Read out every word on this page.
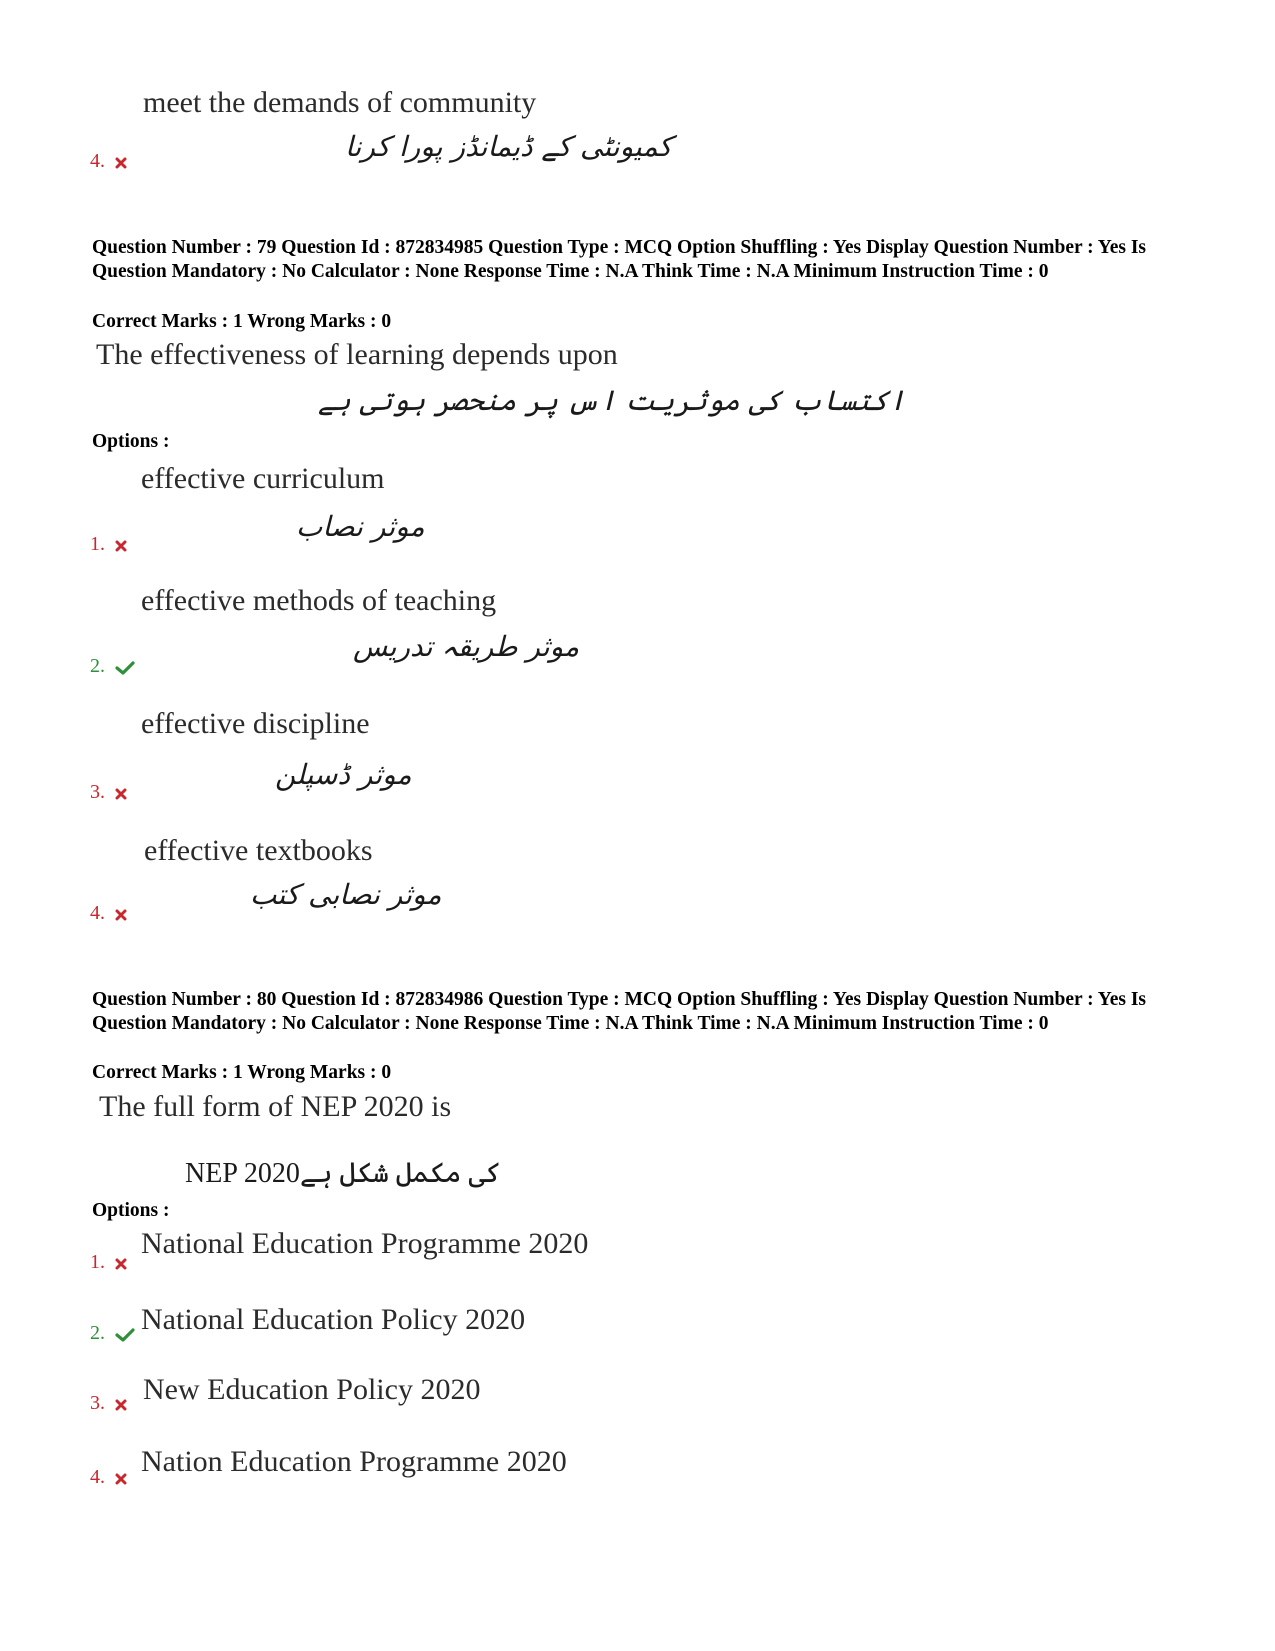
meet the demands of community
کمیونٹی کے ڈیمانڈز پورا کرنا
4.
Question Number : 79 Question Id : 872834985 Question Type : MCQ Option Shuffling : Yes Display Question Number : Yes Is Question Mandatory : No Calculator : None Response Time : N.A Think Time : N.A Minimum Instruction Time : 0
Correct Marks : 1 Wrong Marks : 0
The effectiveness of learning depends upon
اکتساب کی موثریت اس پر منحصر ہوتی ہے
Options :
effective curriculum
موثر نصاب
1.
effective methods of teaching
موثر طریقہ تدریس
2.
effective discipline
موثر ڈسپلن
3.
effective textbooks
موثر نصابی کتب
4.
Question Number : 80 Question Id : 872834986 Question Type : MCQ Option Shuffling : Yes Display Question Number : Yes Is Question Mandatory : No Calculator : None Response Time : N.A Think Time : N.A Minimum Instruction Time : 0
Correct Marks : 1 Wrong Marks : 0
The full form of NEP 2020 is
NEP 2020کی مکمل شکل ہے
Options :
1.
National Education Programme 2020
2.	National Education Policy 2020
3.	New Education Policy 2020
4.	Nation Education Programme 2020
